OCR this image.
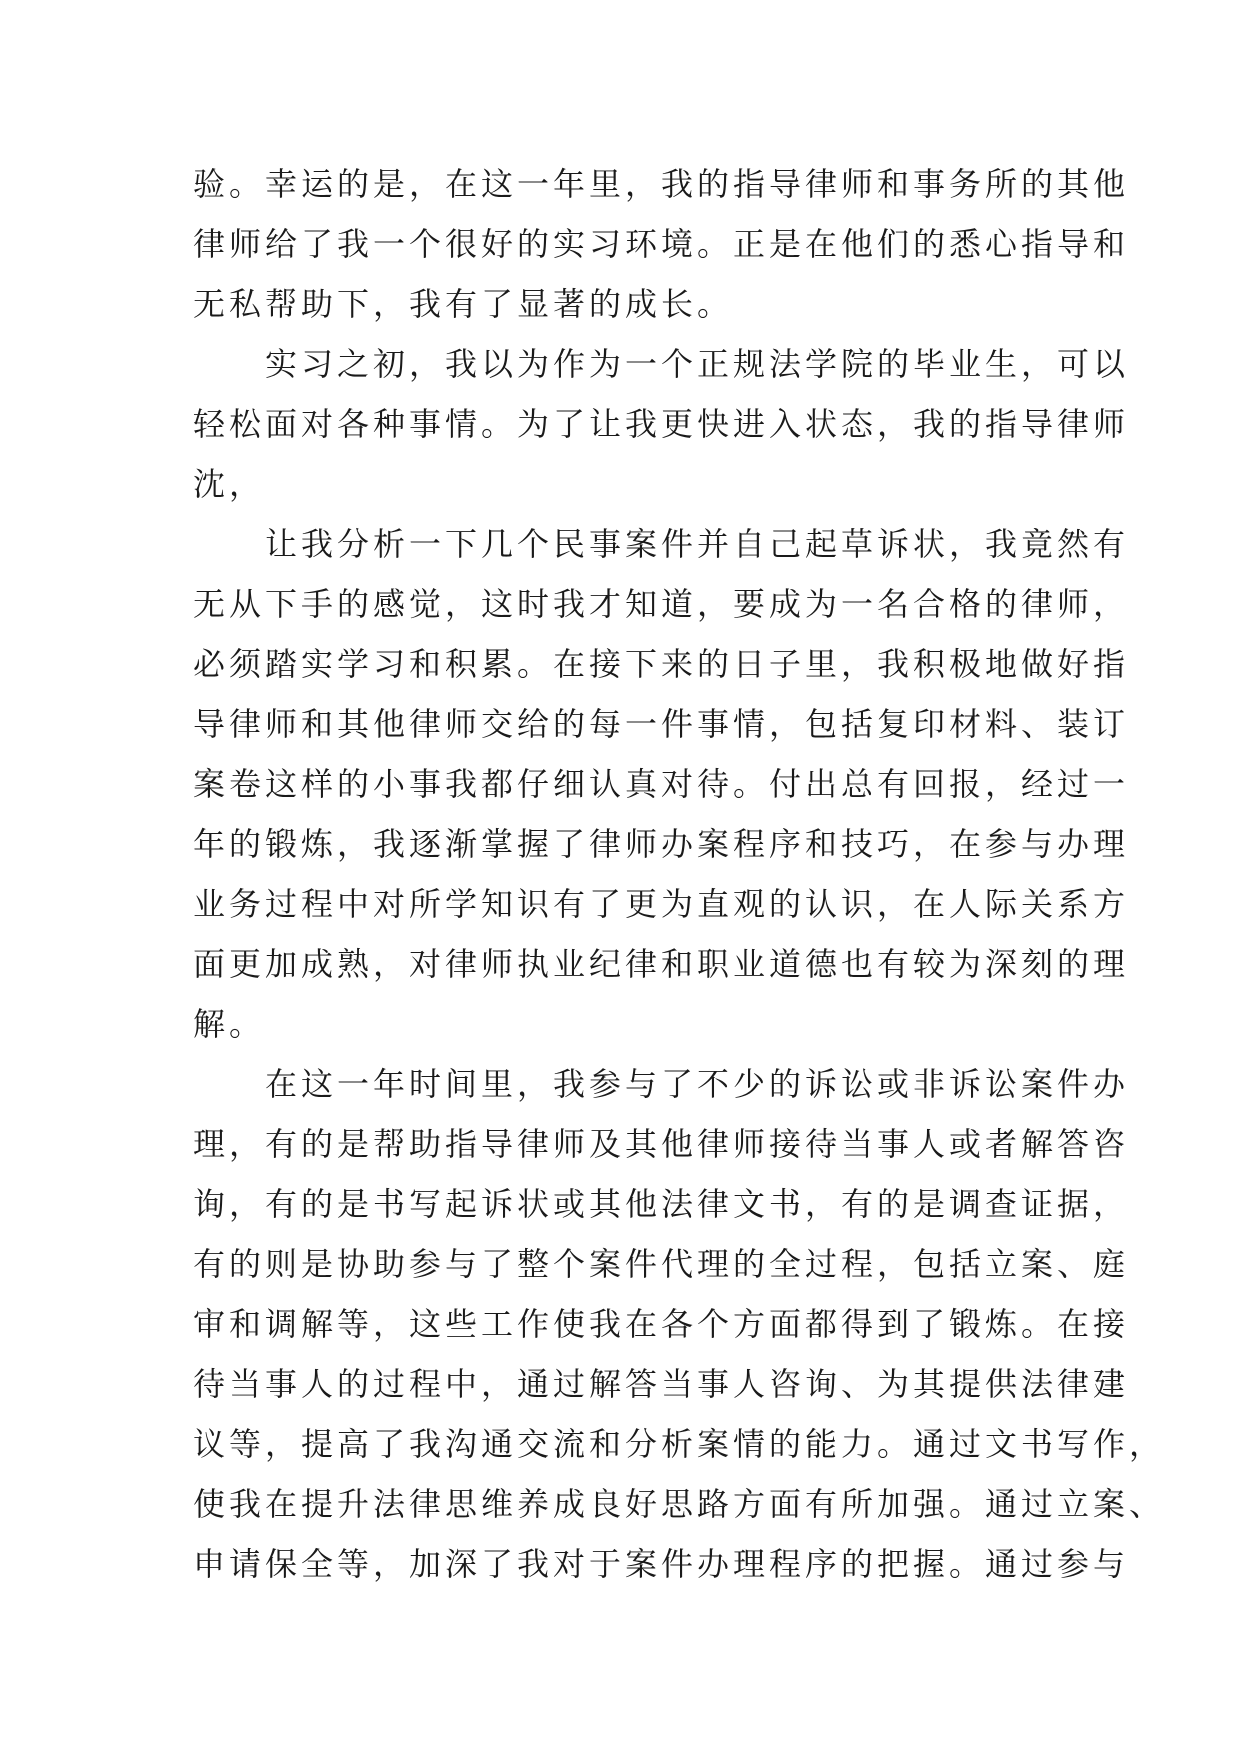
验。幸运的是，在这一年里，我的指导律师和事务所的其他
律师给了我一个很好的实习环境。正是在他们的悉心指导和
无私帮助下，我有了显著的成长。
　　实习之初，我以为作为一个正规法学院的毕业生，可以
轻松面对各种事情。为了让我更快进入状态，我的指导律师
沈，
　　让我分析一下几个民事案件并自己起草诉状，我竟然有
无从下手的感觉，这时我才知道，要成为一名合格的律师，
必须踏实学习和积累。在接下来的日子里，我积极地做好指
导律师和其他律师交给的每一件事情，包括复印材料、装订
案卷这样的小事我都仔细认真对待。付出总有回报，经过一
年的锻炼，我逐渐掌握了律师办案程序和技巧，在参与办理
业务过程中对所学知识有了更为直观的认识，在人际关系方
面更加成熟，对律师执业纪律和职业道德也有较为深刻的理
解。
　　在这一年时间里，我参与了不少的诉讼或非诉讼案件办
理，有的是帮助指导律师及其他律师接待当事人或者解答咨
询，有的是书写起诉状或其他法律文书，有的是调查证据，
有的则是协助参与了整个案件代理的全过程，包括立案、庭
审和调解等，这些工作使我在各个方面都得到了锻炼。在接
待当事人的过程中，通过解答当事人咨询、为其提供法律建
议等，提高了我沟通交流和分析案情的能力。通过文书写作，
使我在提升法律思维养成良好思路方面有所加强。通过立案、
申请保全等，加深了我对于案件办理程序的把握。通过参与
